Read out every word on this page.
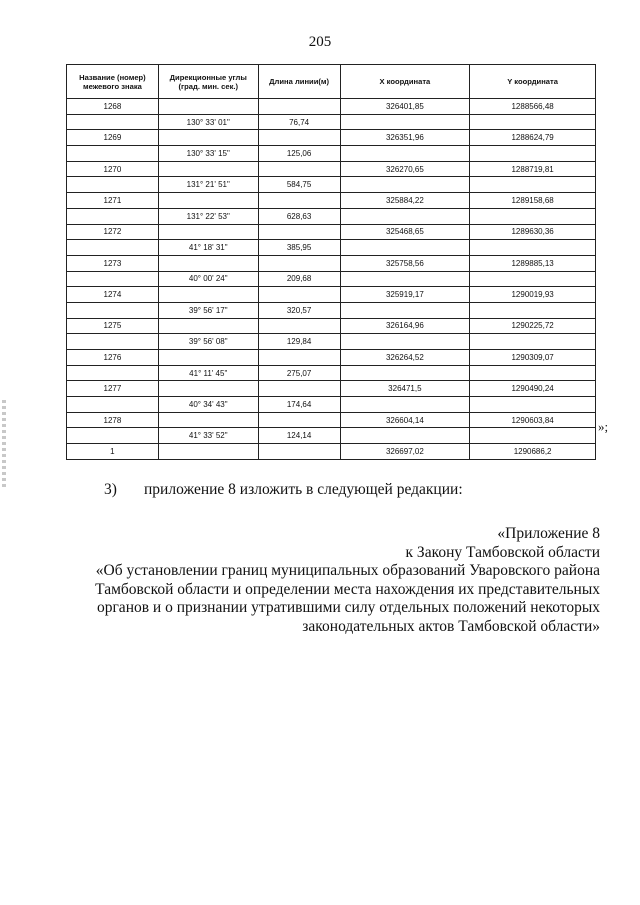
205
Название (номер) межевого знака	Дирекционные углы (град. мин. сек.)	Длина линии(м)	X координата	Y координата
1268			326401,85	1288566,48
	130° 33' 01"	76,74		
1269			326351,96	1288624,79
	130° 33' 15"	125,06		
1270			326270,65	1288719,81
	131° 21' 51"	584,75		
1271			325884,22	1289158,68
	131° 22' 53"	628,63		
1272			325468,65	1289630,36
	41° 18' 31"	385,95		
1273			325758,56	1289885,13
	40° 00' 24"	209,68		
1274			325919,17	1290019,93
	39° 56' 17"	320,57		
1275			326164,96	1290225,72
	39° 56' 08"	129,84		
1276			326264,52	1290309,07
	41° 11' 45"	275,07		
1277			326471,5	1290490,24
	40° 34' 43"	174,64		
1278			326604,14	1290603,84
	41° 33' 52"	124,14		
1			326697,02	1290686,2
»;
3) приложение 8 изложить в следующей редакции:
«Приложение 8
к Закону Тамбовской области
«Об установлении границ муниципальных образований Уваровского района
Тамбовской области и определении места нахождения их представительных
органов и о признании утратившими силу отдельных положений некоторых
законодательных актов Тамбовской области»
